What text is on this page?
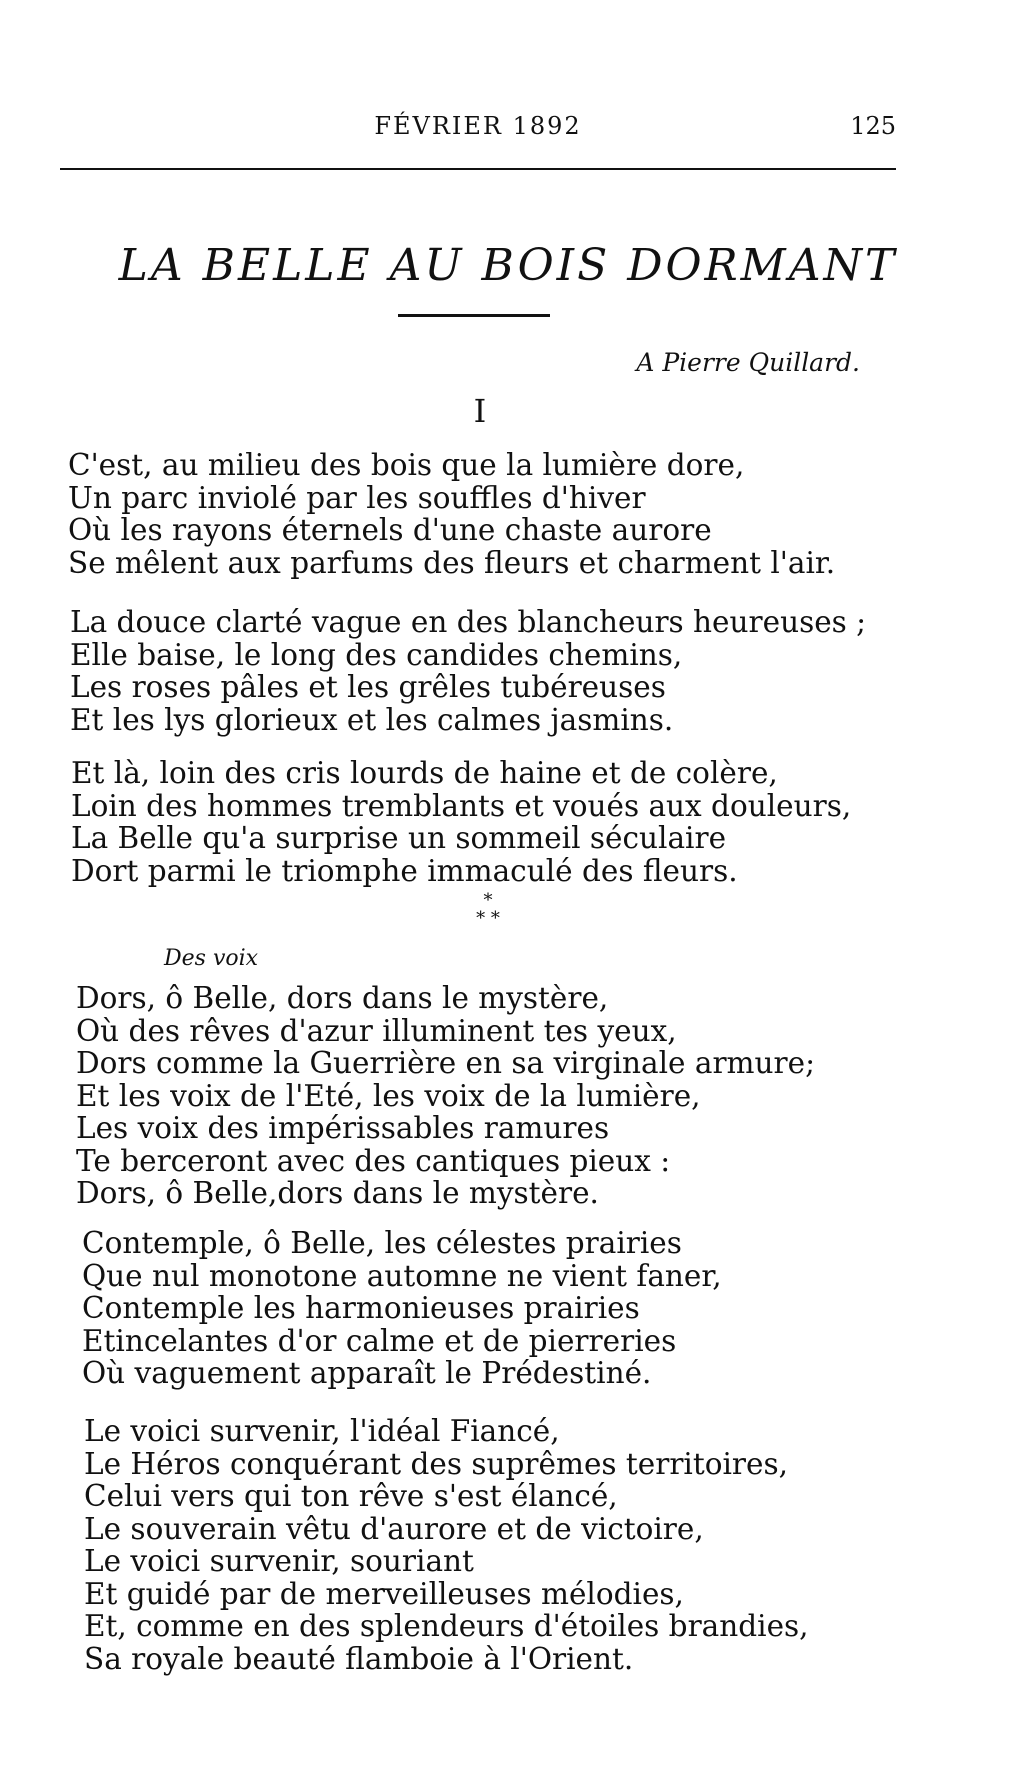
FÉVRIER 1892	125
LA BELLE AU BOIS DORMANT
A Pierre Quillard.
I
C'est, au milieu des bois que la lumière dore,
Un parc inviolé par les souffles d'hiver
Où les rayons éternels d'une chaste aurore
Se mêlent aux parfums des fleurs et charment l'air.
La douce clarté vague en des blancheurs heureuses ;
Elle baise, le long des candides chemins,
Les roses pâles et les grêles tubéreuses
Et les lys glorieux et les calmes jasmins.
Et là, loin des cris lourds de haine et de colère,
Loin des hommes tremblants et voués aux douleurs,
La Belle qu'a surprise un sommeil séculaire
Dort parmi le triomphe immaculé des fleurs.
*
* *
Des voix
Dors, ô Belle, dors dans le mystère,
Où des rêves d'azur illuminent tes yeux,
Dors comme la Guerrière en sa virginale armure;
Et les voix de l'Eté, les voix de la lumière,
Les voix des impérissables ramures
Te berceront avec des cantiques pieux :
Dors, ô Belle,dors dans le mystère.
Contemple, ô Belle, les célestes prairies
Que nul monotone automne ne vient faner,
Contemple les harmonieuses prairies
Etincelantes d'or calme et de pierreries
Où vaguement apparaît le Prédestiné.
Le voici survenir, l'idéal Fiancé,
Le Héros conquérant des suprêmes territoires,
Celui vers qui ton rêve s'est élancé,
Le souverain vêtu d'aurore et de victoire,
Le voici survenir, souriant
Et guidé par de merveilleuses mélodies,
Et, comme en des splendeurs d'étoiles brandies,
Sa royale beauté flamboie à l'Orient.
